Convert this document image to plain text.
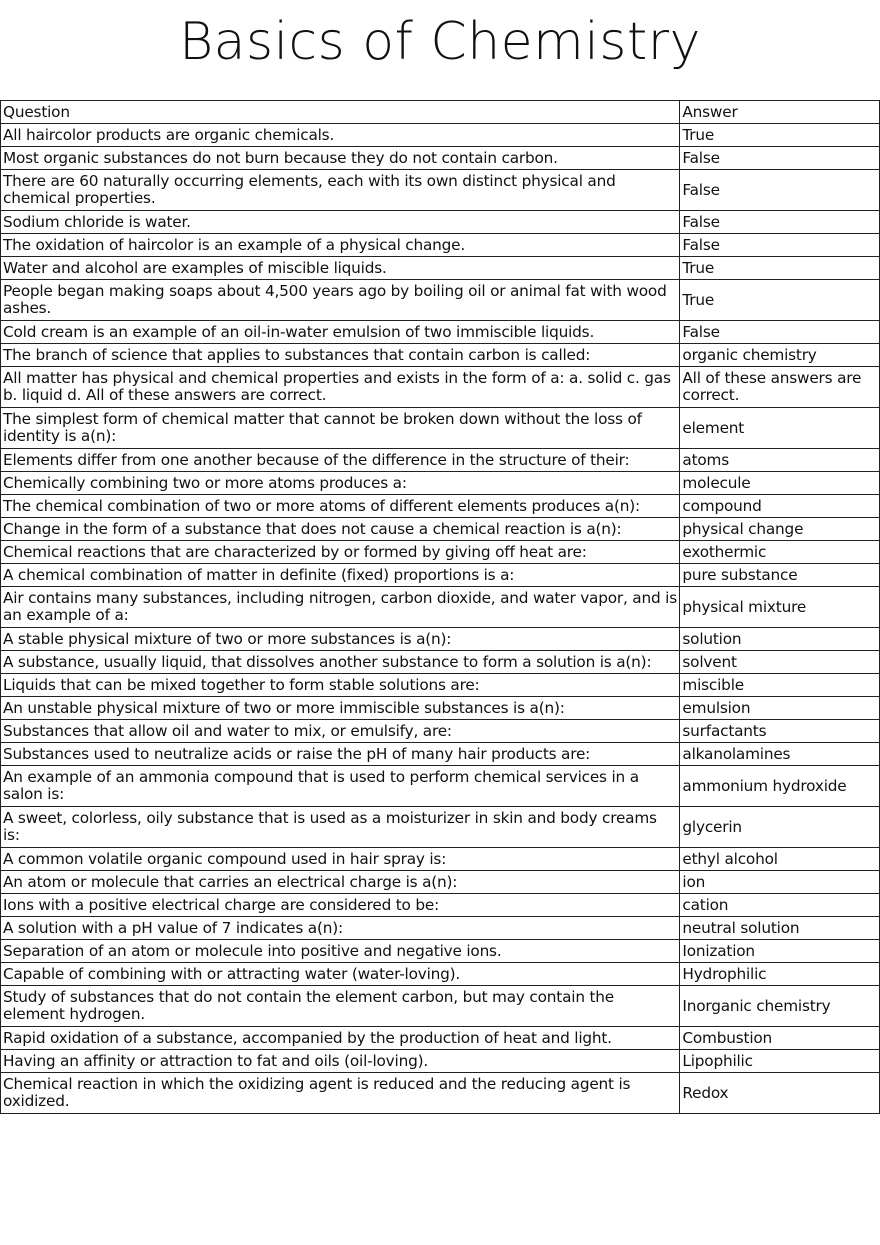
Basics of Chemistry
Question	Answer
All haircolor products are organic chemicals.	True
Most organic substances do not burn because they do not contain carbon.	False
There are 60 naturally occurring elements, each with its own distinct physical and chemical properties.	False
Sodium chloride is water.	False
The oxidation of haircolor is an example of a physical change.	False
Water and alcohol are examples of miscible liquids.	True
People began making soaps about 4,500 years ago by boiling oil or animal fat with wood ashes.	True
Cold cream is an example of an oil-in-water emulsion of two immiscible liquids.	False
The branch of science that applies to substances that contain carbon is called:	organic chemistry
All matter has physical and chemical properties and exists in the form of a: a. solid c. gas b. liquid d. All of these answers are correct.	All of these answers are correct.
The simplest form of chemical matter that cannot be broken down without the loss of identity is a(n):	element
Elements differ from one another because of the difference in the structure of their:	atoms
Chemically combining two or more atoms produces a:	molecule
The chemical combination of two or more atoms of different elements produces a(n):	compound
Change in the form of a substance that does not cause a chemical reaction is a(n):	physical change
Chemical reactions that are characterized by or formed by giving off heat are:	exothermic
A chemical combination of matter in definite (fixed) proportions is a:	pure substance
Air contains many substances, including nitrogen, carbon dioxide, and water vapor, and is an example of a:	physical mixture
A stable physical mixture of two or more substances is a(n):	solution
A substance, usually liquid, that dissolves another substance to form a solution is a(n):	solvent
Liquids that can be mixed together to form stable solutions are:	miscible
An unstable physical mixture of two or more immiscible substances is a(n):	emulsion
Substances that allow oil and water to mix, or emulsify, are:	surfactants
Substances used to neutralize acids or raise the pH of many hair products are:	alkanolamines
An example of an ammonia compound that is used to perform chemical services in a salon is:	ammonium hydroxide
A sweet, colorless, oily substance that is used as a moisturizer in skin and body creams is:	glycerin
A common volatile organic compound used in hair spray is:	ethyl alcohol
An atom or molecule that carries an electrical charge is a(n):	ion
Ions with a positive electrical charge are considered to be:	cation
A solution with a pH value of 7 indicates a(n):	neutral solution
Separation of an atom or molecule into positive and negative ions.	Ionization
Capable of combining with or attracting water (water-loving).	Hydrophilic
Study of substances that do not contain the element carbon, but may contain the element hydrogen.	Inorganic chemistry
Rapid oxidation of a substance, accompanied by the production of heat and light.	Combustion
Having an affinity or attraction to fat and oils (oil-loving).	Lipophilic
Chemical reaction in which the oxidizing agent is reduced and the reducing agent is oxidized.	Redox
